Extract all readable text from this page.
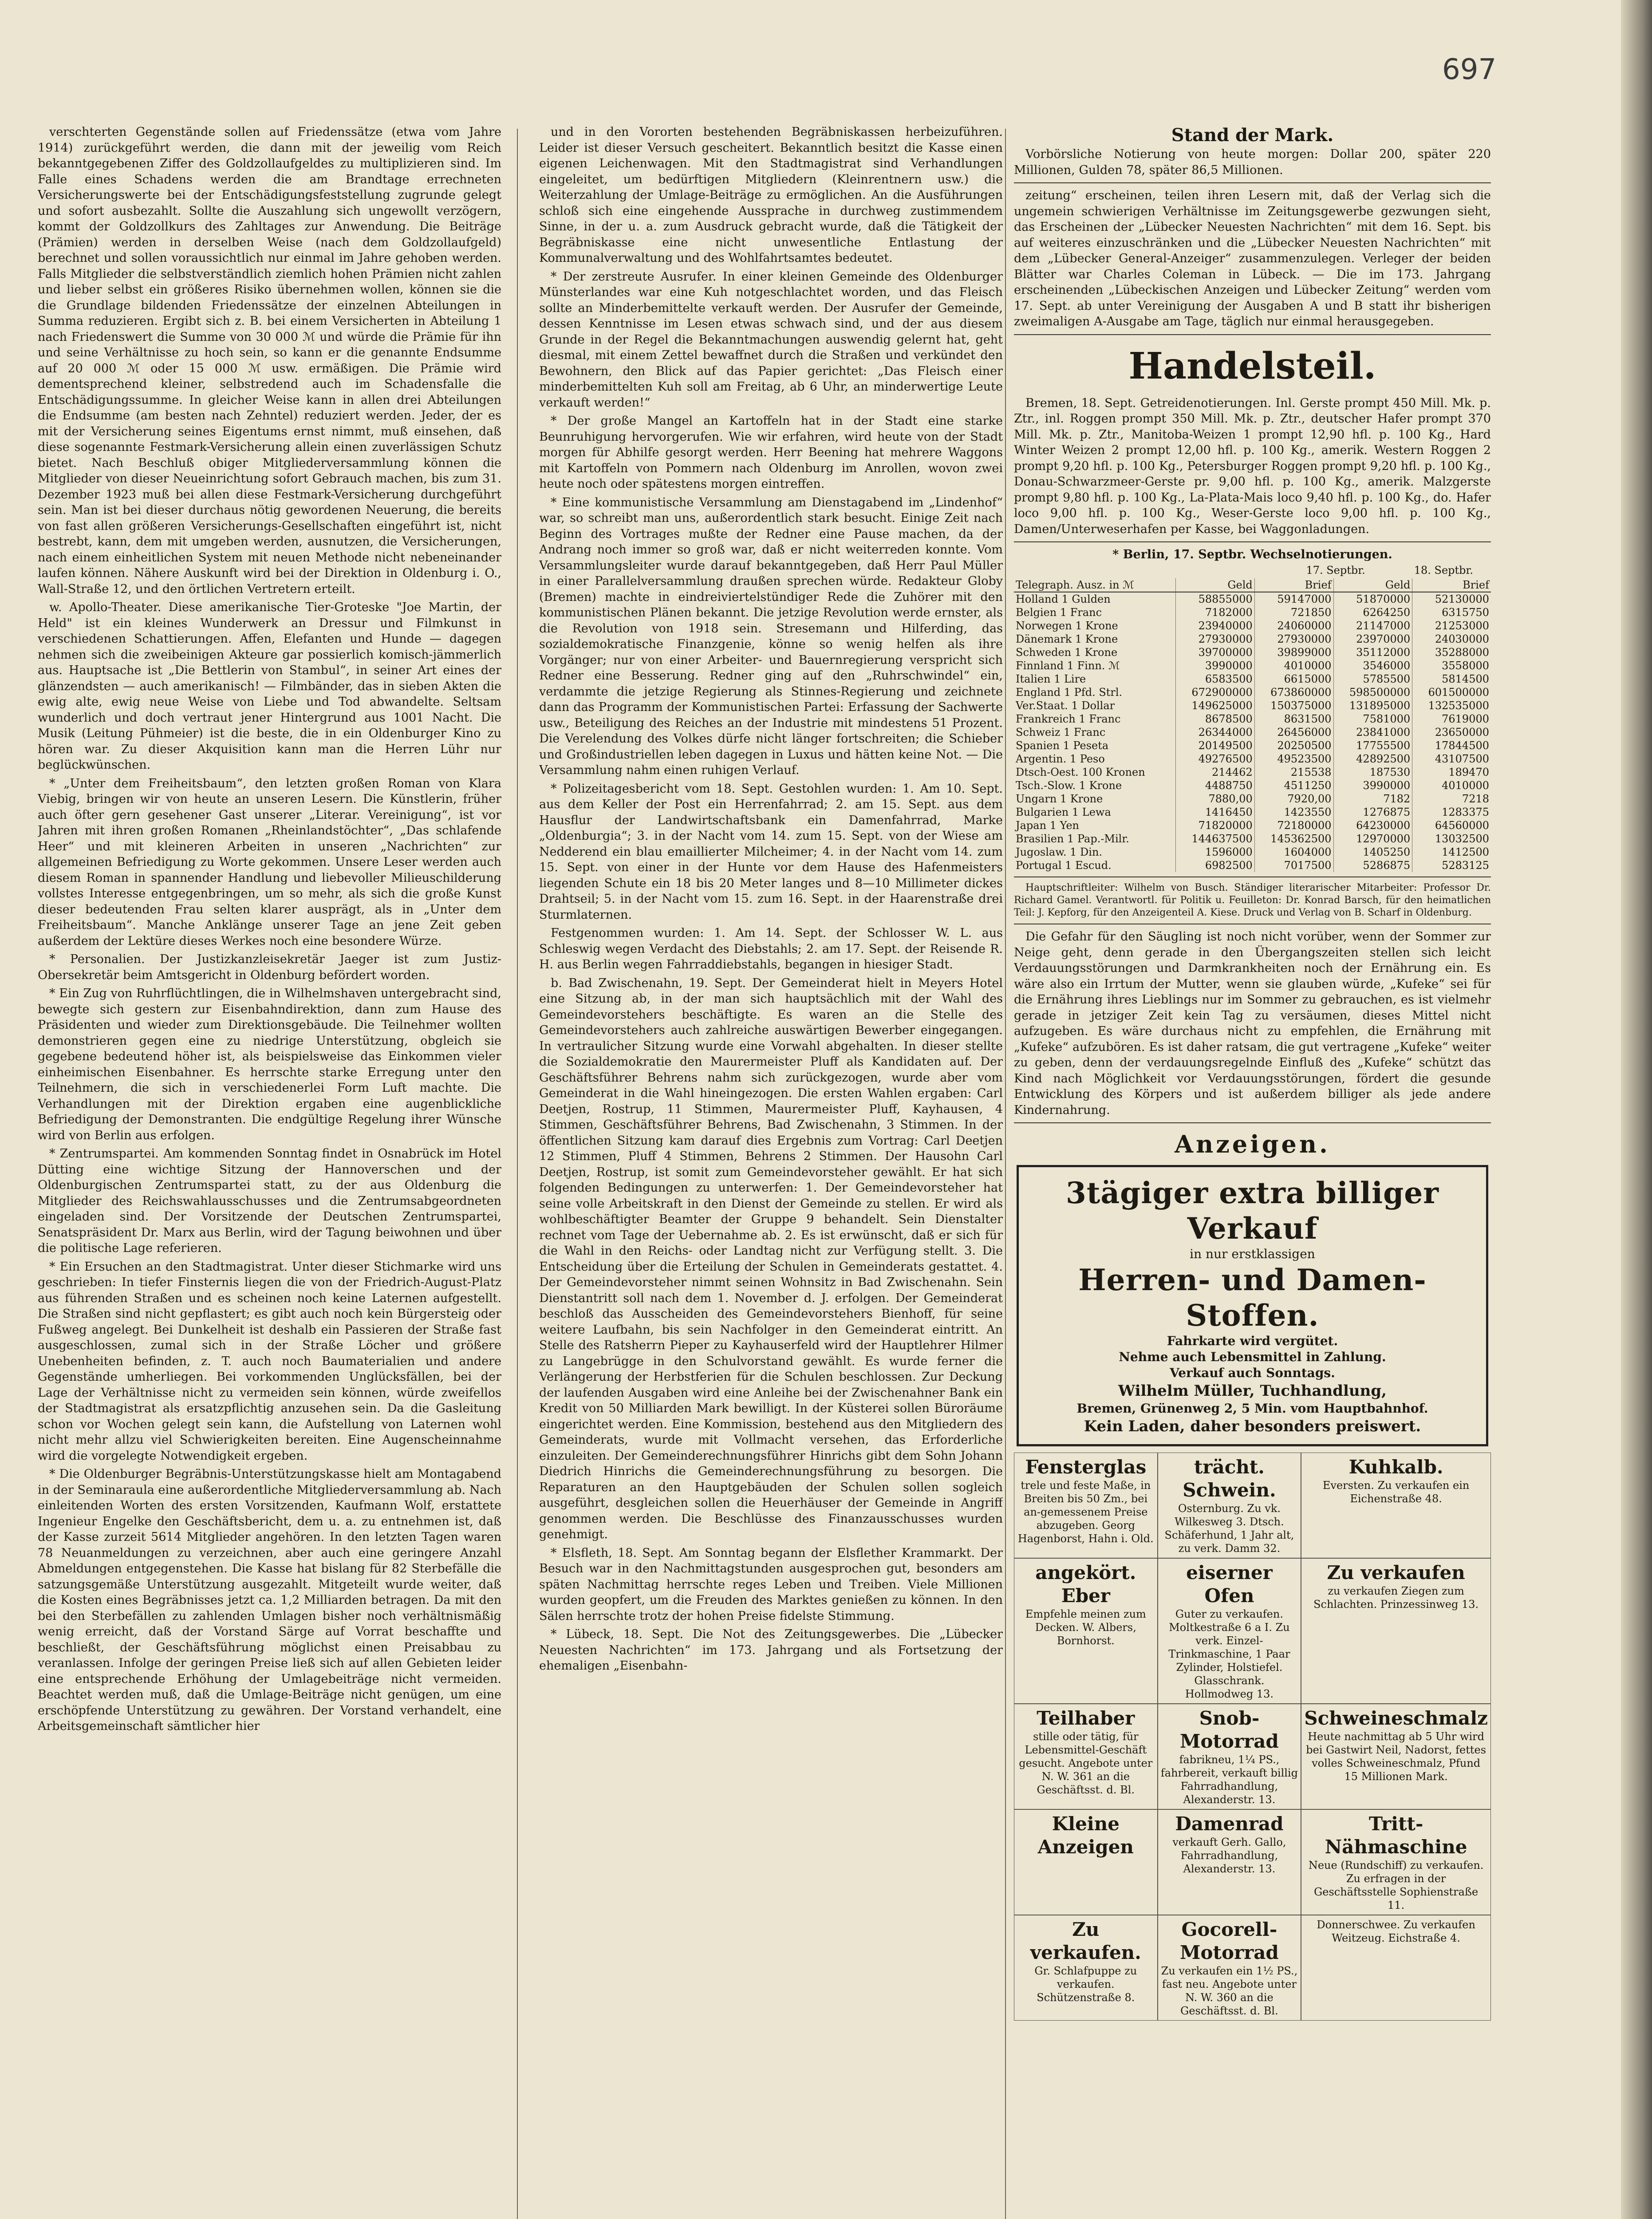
697

verschterten Gegenstände sollen auf Friedenssätze (etwa vom Jahre 1914) zurückgeführt werden, die dann mit der jeweilig vom Reich bekanntgegebenen Ziffer des Goldzollaufgeldes zu multiplizieren sind. Im Falle eines Schadens werden die am Brandtage errechneten Versicherungswerte bei der Entschädigungsfeststellung zugrunde gelegt und sofort ausbezahlt. Sollte die Auszahlung sich ungewollt verzögern, kommt der Goldzollkurs des Zahltages zur Anwendung. Die Beiträge (Prämien) werden in derselben Weise (nach dem Goldzollaufgeld) berechnet und sollen voraussichtlich nur einmal im Jahre gehoben werden. Falls Mitglieder die selbstverständlich ziemlich hohen Prämien nicht zahlen und lieber selbst ein größeres Risiko übernehmen wollen, können sie die die Grundlage bildenden Friedenssätze der einzelnen Abteilungen in Summa reduzieren. Ergibt sich z. B. bei einem Versicherten in Abteilung 1 nach Friedenswert die Summe von 30 000 ℳ und würde die Prämie für ihn und seine Verhältnisse zu hoch sein, so kann er die genannte Endsumme auf 20 000 ℳ oder 15 000 ℳ usw. ermäßigen. Die Prämie wird dementsprechend kleiner, selbstredend auch im Schadensfalle die Entschädigungssumme. In gleicher Weise kann in allen drei Abteilungen die Endsumme (am besten nach Zehntel) reduziert werden. Jeder, der es mit der Versicherung seines Eigentums ernst nimmt, muß einsehen, daß diese sogenannte Festmark-Versicherung allein einen zuverlässigen Schutz bietet. Nach Beschluß obiger Mitgliederversammlung können die Mitglieder von dieser Neueinrichtung sofort Gebrauch machen, bis zum 31. Dezember 1923 muß bei allen diese Festmark-Versicherung durchgeführt sein. Man ist bei dieser durchaus nötig gewordenen Neuerung, die bereits von fast allen größeren Versicherungs-Gesellschaften eingeführt ist, nicht bestrebt, kann, dem mit umgeben werden, ausnutzen, die Versicherungen, nach einem einheitlichen System mit neuen Methode nicht nebeneinander laufen können. Nähere Auskunft wird bei der Direktion in Oldenburg i. O., Wall-Straße 12, und den örtlichen Vertretern erteilt.

w. Apollo-Theater. Diese amerikanische Tier-Groteske "Joe Martin, der Held" ist ein kleines Wunderwerk an Dressur und Filmkunst in verschiedenen Schattierungen. Affen, Elefanten und Hunde — dagegen nehmen sich die zweibeinigen Akteure gar possierlich komisch-jämmerlich aus. Hauptsache ist „Die Bettlerin von Stambul“, in seiner Art eines der glänzendsten — auch amerikanisch! — Filmbänder, das in sieben Akten die ewig alte, ewig neue Weise von Liebe und Tod abwandelte. Seltsam wunderlich und doch vertraut jener Hintergrund aus 1001 Nacht. Die Musik (Leitung Pühmeier) ist die beste, die in ein Oldenburger Kino zu hören war. Zu dieser Akquisition kann man die Herren Lühr nur beglückwünschen.

* „Unter dem Freiheitsbaum“, den letzten großen Roman von Klara Viebig, bringen wir von heute an unseren Lesern. Die Künstlerin, früher auch öfter gern gesehener Gast unserer „Literar. Vereinigung“, ist vor Jahren mit ihren großen Romanen „Rheinlandstöchter“, „Das schlafende Heer“ und mit kleineren Arbeiten in unseren „Nachrichten“ zur allgemeinen Befriedigung zu Worte gekommen. Unsere Leser werden auch diesem Roman in spannender Handlung und liebevoller Milieuschilderung vollstes Interesse entgegenbringen, um so mehr, als sich die große Kunst dieser bedeutenden Frau selten klarer ausprägt, als in „Unter dem Freiheitsbaum“. Manche Anklänge unserer Tage an jene Zeit geben außerdem der Lektüre dieses Werkes noch eine besondere Würze.

* Personalien. Der Justizkanzleisekretär Jaeger ist zum Justiz-Obersekretär beim Amtsgericht in Oldenburg befördert worden.

* Ein Zug von Ruhrflüchtlingen, die in Wilhelmshaven untergebracht sind, bewegte sich gestern zur Eisenbahndirektion, dann zum Hause des Präsidenten und wieder zum Direktionsgebäude. Die Teilnehmer wollten demonstrieren gegen eine zu niedrige Unterstützung, obgleich sie gegebene bedeutend höher ist, als beispielsweise das Einkommen vieler einheimischen Eisenbahner. Es herrschte starke Erregung unter den Teilnehmern, die sich in verschiedenerlei Form Luft machte. Die Verhandlungen mit der Direktion ergaben eine augenblickliche Befriedigung der Demonstranten. Die endgültige Regelung ihrer Wünsche wird von Berlin aus erfolgen.

* Zentrumspartei. Am kommenden Sonntag findet in Osnabrück im Hotel Dütting eine wichtige Sitzung der Hannoverschen und der Oldenburgischen Zentrumspartei statt, zu der aus Oldenburg die Mitglieder des Reichswahlausschusses und die Zentrumsabgeordneten eingeladen sind. Der Vorsitzende der Deutschen Zentrumspartei, Senatspräsident Dr. Marx aus Berlin, wird der Tagung beiwohnen und über die politische Lage referieren.

* Ein Ersuchen an den Stadtmagistrat. Unter dieser Stichmarke wird uns geschrieben: In tiefer Finsternis liegen die von der Friedrich-August-Platz aus führenden Straßen und es scheinen noch keine Laternen aufgestellt. Die Straßen sind nicht gepflastert; es gibt auch noch kein Bürgersteig oder Fußweg angelegt. Bei Dunkelheit ist deshalb ein Passieren der Straße fast ausgeschlossen, zumal sich in der Straße Löcher und größere Unebenheiten befinden, z. T. auch noch Baumaterialien und andere Gegenstände umherliegen. Bei vorkommenden Unglücksfällen, bei der Lage der Verhältnisse nicht zu vermeiden sein können, würde zweifellos der Stadtmagistrat als ersatzpflichtig anzusehen sein. Da die Gasleitung schon vor Wochen gelegt sein kann, die Aufstellung von Laternen wohl nicht mehr allzu viel Schwierigkeiten bereiten. Eine Augenscheinnahme wird die vorgelegte Notwendigkeit ergeben.

* Die Oldenburger Begräbnis-Unterstützungskasse hielt am Montagabend in der Seminaraula eine außerordentliche Mitgliederversammlung ab. Nach einleitenden Worten des ersten Vorsitzenden, Kaufmann Wolf, erstattete Ingenieur Engelke den Geschäftsbericht, dem u. a. zu entnehmen ist, daß der Kasse zurzeit 5614 Mitglieder angehören. In den letzten Tagen waren 78 Neuanmeldungen zu verzeichnen, aber auch eine geringere Anzahl Abmeldungen entgegenstehen. Die Kasse hat bislang für 82 Sterbefälle die satzungsgemäße Unterstützung ausgezahlt. Mitgeteilt wurde weiter, daß die Kosten eines Begräbnisses jetzt ca. 1,2 Milliarden betragen. Da mit den bei den Sterbefällen zu zahlenden Umlagen bisher noch verhältnismäßig wenig erreicht, daß der Vorstand Särge auf Vorrat beschaffte und beschließt, der Geschäftsführung möglichst einen Preisabbau zu veranlassen. Infolge der geringen Preise ließ sich auf allen Gebieten leider eine entsprechende Erhöhung der Umlagebeiträge nicht vermeiden. Beachtet werden muß, daß die Umlage-Beiträge nicht genügen, um eine erschöpfende Unterstützung zu gewähren. Der Vorstand verhandelt, eine Arbeitsgemeinschaft sämtlicher hier

und in den Vororten bestehenden Begräbniskassen herbeizuführen. Leider ist dieser Versuch gescheitert. Bekanntlich besitzt die Kasse einen eigenen Leichenwagen. Mit den Stadtmagistrat sind Verhandlungen eingeleitet, um bedürftigen Mitgliedern (Kleinrentnern usw.) die Weiterzahlung der Umlage-Beiträge zu ermöglichen. An die Ausführungen schloß sich eine eingehende Aussprache in durchweg zustimmendem Sinne, in der u. a. zum Ausdruck gebracht wurde, daß die Tätigkeit der Begräbniskasse eine nicht unwesentliche Entlastung der Kommunalverwaltung und des Wohlfahrtsamtes bedeutet.

* Der zerstreute Ausrufer. In einer kleinen Gemeinde des Oldenburger Münsterlandes war eine Kuh notgeschlachtet worden, und das Fleisch sollte an Minderbemittelte verkauft werden. Der Ausrufer der Gemeinde, dessen Kenntnisse im Lesen etwas schwach sind, und der aus diesem Grunde in der Regel die Bekanntmachungen auswendig gelernt hat, geht diesmal, mit einem Zettel bewaffnet durch die Straßen und verkündet den Bewohnern, den Blick auf das Papier gerichtet: „Das Fleisch einer minderbemittelten Kuh soll am Freitag, ab 6 Uhr, an minderwertige Leute verkauft werden!“

* Der große Mangel an Kartoffeln hat in der Stadt eine starke Beunruhigung hervorgerufen. Wie wir erfahren, wird heute von der Stadt morgen für Abhilfe gesorgt werden. Herr Beening hat mehrere Waggons mit Kartoffeln von Pommern nach Oldenburg im Anrollen, wovon zwei heute noch oder spätestens morgen eintreffen.

* Eine kommunistische Versammlung am Dienstagabend im „Lindenhof“ war, so schreibt man uns, außerordentlich stark besucht. Einige Zeit nach Beginn des Vortrages mußte der Redner eine Pause machen, da der Andrang noch immer so groß war, daß er nicht weiterreden konnte. Vom Versammlungsleiter wurde darauf bekanntgegeben, daß Herr Paul Müller in einer Parallelversammlung draußen sprechen würde. Redakteur Globy (Bremen) machte in eindreiviertelstündiger Rede die Zuhörer mit den kommunistischen Plänen bekannt. Die jetzige Revolution werde ernster, als die Revolution von 1918 sein. Stresemann und Hilferding, das sozialdemokratische Finanzgenie, könne so wenig helfen als ihre Vorgänger; nur von einer Arbeiter- und Bauernregierung verspricht sich Redner eine Besserung. Redner ging auf den „Ruhrschwindel“ ein, verdammte die jetzige Regierung als Stinnes-Regierung und zeichnete dann das Programm der Kommunistischen Partei: Erfassung der Sachwerte usw., Beteiligung des Reiches an der Industrie mit mindestens 51 Prozent. Die Verelendung des Volkes dürfe nicht länger fortschreiten; die Schieber und Großindustriellen leben dagegen in Luxus und hätten keine Not. — Die Versammlung nahm einen ruhigen Verlauf.

* Polizeitagesbericht vom 18. Sept. Gestohlen wurden: 1. Am 10. Sept. aus dem Keller der Post ein Herrenfahrrad; 2. am 15. Sept. aus dem Hausflur der Landwirtschaftsbank ein Damenfahrrad, Marke „Oldenburgia“; 3. in der Nacht vom 14. zum 15. Sept. von der Wiese am Nedderend ein blau emaillierter Milcheimer; 4. in der Nacht vom 14. zum 15. Sept. von einer in der Hunte vor dem Hause des Hafenmeisters liegenden Schute ein 18 bis 20 Meter langes und 8—10 Millimeter dickes Drahtseil; 5. in der Nacht vom 15. zum 16. Sept. in der Haarenstraße drei Sturmlaternen.

Festgenommen wurden: 1. Am 14. Sept. der Schlosser W. L. aus Schleswig wegen Verdacht des Diebstahls; 2. am 17. Sept. der Reisende R. H. aus Berlin wegen Fahrraddiebstahls, begangen in hiesiger Stadt.

b. Bad Zwischenahn, 19. Sept. Der Gemeinderat hielt in Meyers Hotel eine Sitzung ab, in der man sich hauptsächlich mit der Wahl des Gemeindevorstehers beschäftigte. Es waren an die Stelle des Gemeindevorstehers auch zahlreiche auswärtigen Bewerber eingegangen. In vertraulicher Sitzung wurde eine Vorwahl abgehalten. In dieser stellte die Sozialdemokratie den Maurermeister Pluff als Kandidaten auf. Der Geschäftsführer Behrens nahm sich zurückgezogen, wurde aber vom Gemeinderat in die Wahl hineingezogen. Die ersten Wahlen ergaben: Carl Deetjen, Rostrup, 11 Stimmen, Maurermeister Pluff, Kayhausen, 4 Stimmen, Geschäftsführer Behrens, Bad Zwischenahn, 3 Stimmen. In der öffentlichen Sitzung kam darauf dies Ergebnis zum Vortrag: Carl Deetjen 12 Stimmen, Pluff 4 Stimmen, Behrens 2 Stimmen. Der Hausohn Carl Deetjen, Rostrup, ist somit zum Gemeindevorsteher gewählt. Er hat sich folgenden Bedingungen zu unterwerfen: 1. Der Gemeindevorsteher hat seine volle Arbeitskraft in den Dienst der Gemeinde zu stellen. Er wird als wohlbeschäftigter Beamter der Gruppe 9 behandelt. Sein Dienstalter rechnet vom Tage der Uebernahme ab. 2. Es ist erwünscht, daß er sich für die Wahl in den Reichs- oder Landtag nicht zur Verfügung stellt. 3. Die Entscheidung über die Erteilung der Schulen in Gemeinderats gestattet. 4. Der Gemeindevorsteher nimmt seinen Wohnsitz in Bad Zwischenahn. Sein Dienstantritt soll nach dem 1. November d. J. erfolgen. Der Gemeinderat beschloß das Ausscheiden des Gemeindevorstehers Bienhoff, für seine weitere Laufbahn, bis sein Nachfolger in den Gemeinderat eintritt. An Stelle des Ratsherrn Pieper zu Kayhauserfeld wird der Hauptlehrer Hilmer zu Langebrügge in den Schulvorstand gewählt. Es wurde ferner die Verlängerung der Herbstferien für die Schulen beschlossen. Zur Deckung der laufenden Ausgaben wird eine Anleihe bei der Zwischenahner Bank ein Kredit von 50 Milliarden Mark bewilligt. In der Küsterei sollen Büroräume eingerichtet werden. Eine Kommission, bestehend aus den Mitgliedern des Gemeinderats, wurde mit Vollmacht versehen, das Erforderliche einzuleiten. Der Gemeinderechnungsführer Hinrichs gibt dem Sohn Johann Diedrich Hinrichs die Gemeinderechnungsführung zu besorgen. Die Reparaturen an den Hauptgebäuden der Schulen sollen sogleich ausgeführt, desgleichen sollen die Heuerhäuser der Gemeinde in Angriff genommen werden. Die Beschlüsse des Finanzausschusses wurden genehmigt.

* Elsfleth, 18. Sept. Am Sonntag begann der Elsflether Krammarkt. Der Besuch war in den Nachmittagstunden ausgesprochen gut, besonders am späten Nachmittag herrschte reges Leben und Treiben. Viele Millionen wurden geopfert, um die Freuden des Marktes genießen zu können. In den Sälen herrschte trotz der hohen Preise fidelste Stimmung.

* Lübeck, 18. Sept. Die Not des Zeitungsgewerbes. Die „Lübecker Neuesten Nachrichten“ im 173. Jahrgang und als Fortsetzung der ehemaligen „Eisenbahn-

Stand der Mark.

Vorbörsliche Notierung von heute morgen: Dollar 200, später 220 Millionen, Gulden 78, später 86,5 Millionen.

zeitung“ erscheinen, teilen ihren Lesern mit, daß der Verlag sich die ungemein schwierigen Verhältnisse im Zeitungsgewerbe gezwungen sieht, das Erscheinen der „Lübecker Neuesten Nachrichten“ mit dem 16. Sept. bis auf weiteres einzuschränken und die „Lübecker Neuesten Nachrichten“ mit dem „Lübecker General-Anzeiger“ zusammenzulegen. Verleger der beiden Blätter war Charles Coleman in Lübeck. — Die im 173. Jahrgang erscheinenden „Lübeckischen Anzeigen und Lübecker Zeitung“ werden vom 17. Sept. ab unter Vereinigung der Ausgaben A und B statt ihr bisherigen zweimaligen A-Ausgabe am Tage, täglich nur einmal herausgegeben.

Handelsteil.

Bremen, 18. Sept. Getreidenotierungen. Inl. Gerste prompt 450 Mill. Mk. p. Ztr., inl. Roggen prompt 350 Mill. Mk. p. Ztr., deutscher Hafer prompt 370 Mill. Mk. p. Ztr., Manitoba-Weizen 1 prompt 12,90 hfl. p. 100 Kg., Hard Winter Weizen 2 prompt 12,00 hfl. p. 100 Kg., amerik. Western Roggen 2 prompt 9,20 hfl. p. 100 Kg., Petersburger Roggen prompt 9,20 hfl. p. 100 Kg., Donau-Schwarzmeer-Gerste pr. 9,00 hfl. p. 100 Kg., amerik. Malzgerste prompt 9,80 hfl. p. 100 Kg., La-Plata-Mais loco 9,40 hfl. p. 100 Kg., do. Hafer loco 9,00 hfl. p. 100 Kg., Weser-Gerste loco 9,00 hfl. p. 100 Kg., Damen/Unterweserhafen per Kasse, bei Waggonladungen.

* Berlin, 17. Septbr. Wechselnotierungen.
17. Septbr.	18. Septbr.
Telegraph. Ausz. in ℳ	Geld	Brief	Geld	Brief
Holland 1 Gulden	58855000	59147000	51870000	52130000
Belgien 1 Franc	7182000	721850	6264250	6315750
Norwegen 1 Krone	23940000	24060000	21147000	21253000
Dänemark 1 Krone	27930000	27930000	23970000	24030000
Schweden 1 Krone	39700000	39899000	35112000	35288000
Finnland 1 Finn. ℳ	3990000	4010000	3546000	3558000
Italien 1 Lire	6583500	6615000	5785500	5814500
England 1 Pfd. Strl.	672900000	673860000	598500000	601500000
Ver.Staat. 1 Dollar	149625000	150375000	131895000	132535000
Frankreich 1 Franc	8678500	8631500	7581000	7619000
Schweiz 1 Franc	26344000	26456000	23841000	23650000
Spanien 1 Peseta	20149500	20250500	17755500	17844500
Argentin. 1 Peso	49276500	49523500	42892500	43107500
Dtsch-Oest. 100 Kronen	214462	215538	187530	189470
Tsch.-Slow. 1 Krone	4488750	4511250	3990000	4010000
Ungarn 1 Krone	7880,00	7920,00	7182	7218
Bulgarien 1 Lewa	1416450	1423550	1276875	1283375
Japan 1 Yen	71820000	72180000	64230000	64560000
Brasilien 1 Pap.-Milr.	144637500	145362500	12970000	13032500
Jugoslaw. 1 Din.	1596000	1604000	1405250	1412500
Portugal 1 Escud.	6982500	7017500	5286875	5283125

Hauptschriftleiter: Wilhelm von Busch. Ständiger literarischer Mitarbeiter: Professor Dr. Richard Gamel. Verantwortl. für Politik u. Feuilleton: Dr. Konrad Barsch, für den heimatlichen Teil: J. Kepforg, für den Anzeigenteil A. Kiese. Druck und Verlag von B. Scharf in Oldenburg.

Die Gefahr für den Säugling ist noch nicht vorüber, wenn der Sommer zur Neige geht, denn gerade in den Übergangszeiten stellen sich leicht Verdauungsstörungen und Darmkrankheiten noch der Ernährung ein. Es wäre also ein Irrtum der Mutter, wenn sie glauben würde, „Kufeke“ sei für die Ernährung ihres Lieblings nur im Sommer zu gebrauchen, es ist vielmehr gerade in jetziger Zeit kein Tag zu versäumen, dieses Mittel nicht aufzugeben. Es wäre durchaus nicht zu empfehlen, die Ernährung mit „Kufeke“ aufzubören. Es ist daher ratsam, die gut vertragene „Kufeke“ weiter zu geben, denn der verdauungsregelnde Einfluß des „Kufeke“ schützt das Kind nach Möglichkeit vor Verdauungsstörungen, fördert die gesunde Entwicklung des Körpers und ist außerdem billiger als jede andere Kindernahrung.

Anzeigen.
3tägiger extra billiger Verkauf
in nur erstklassigen
Herren- und Damen-Stoffen.
Fahrkarte wird vergütet.
Nehme auch Lebensmittel in Zahlung.
Verkauf auch Sonntags.
Wilhelm Müller, Tuchhandlung,
Bremen, Grünenweg 2, 5 Min. vom Hauptbahnhof.
Kein Laden, daher besonders preiswert.
Fensterglas
trele und feste Maße, in Breiten bis 50 Zm., bei an-gemessenem Preise abzugeben. Georg Hagenborst, Hahn i. Old.
trächt. Schwein.
Osternburg. Zu vk. Wilkesweg 3. Dtsch. Schäferhund, 1 Jahr alt, zu verk. Damm 32.
Kuhkalb.
Eversten. Zu verkaufen ein Eichenstraße 48.
angekört. Eber
Empfehle meinen zum Decken. W. Albers, Bornhorst.
eiserner Ofen
Guter zu verkaufen. Moltkestraße 6 a I. Zu verk. Einzel-Trinkmaschine, 1 Paar Zylinder, Holstiefel. Glasschrank. Hollmodweg 13.
Zu verkaufen
zu verkaufen Ziegen zum Schlachten. Prinzessinweg 13.
Teilhaber
stille oder tätig, für Lebensmittel-Geschäft gesucht. Angebote unter N. W. 361 an die Geschäftsst. d. Bl.
Snob-Motorrad
fabrikneu, 1¼ PS., fahrbereit, verkauft billig Fahrradhandlung, Alexanderstr. 13.
Schweineschmalz
Heute nachmittag ab 5 Uhr wird bei Gastwirt Neil, Nadorst, fettes volles Schweineschmalz, Pfund 15 Millionen Mark.
Kleine Anzeigen
Damenrad
verkauft Gerh. Gallo, Fahrradhandlung, Alexanderstr. 13.
Tritt-Nähmaschine
Neue (Rundschiff) zu verkaufen. Zu erfragen in der Geschäftsstelle Sophienstraße 11.
Zu verkaufen.
Gr. Schlafpuppe zu verkaufen. Schützenstraße 8.
Gocorell-Motorrad
Zu verkaufen ein 1½ PS., fast neu. Angebote unter N. W. 360 an die Geschäftsst. d. Bl.
Donnerschwee. Zu verkaufen Weitzeug. Eichstraße 4.
